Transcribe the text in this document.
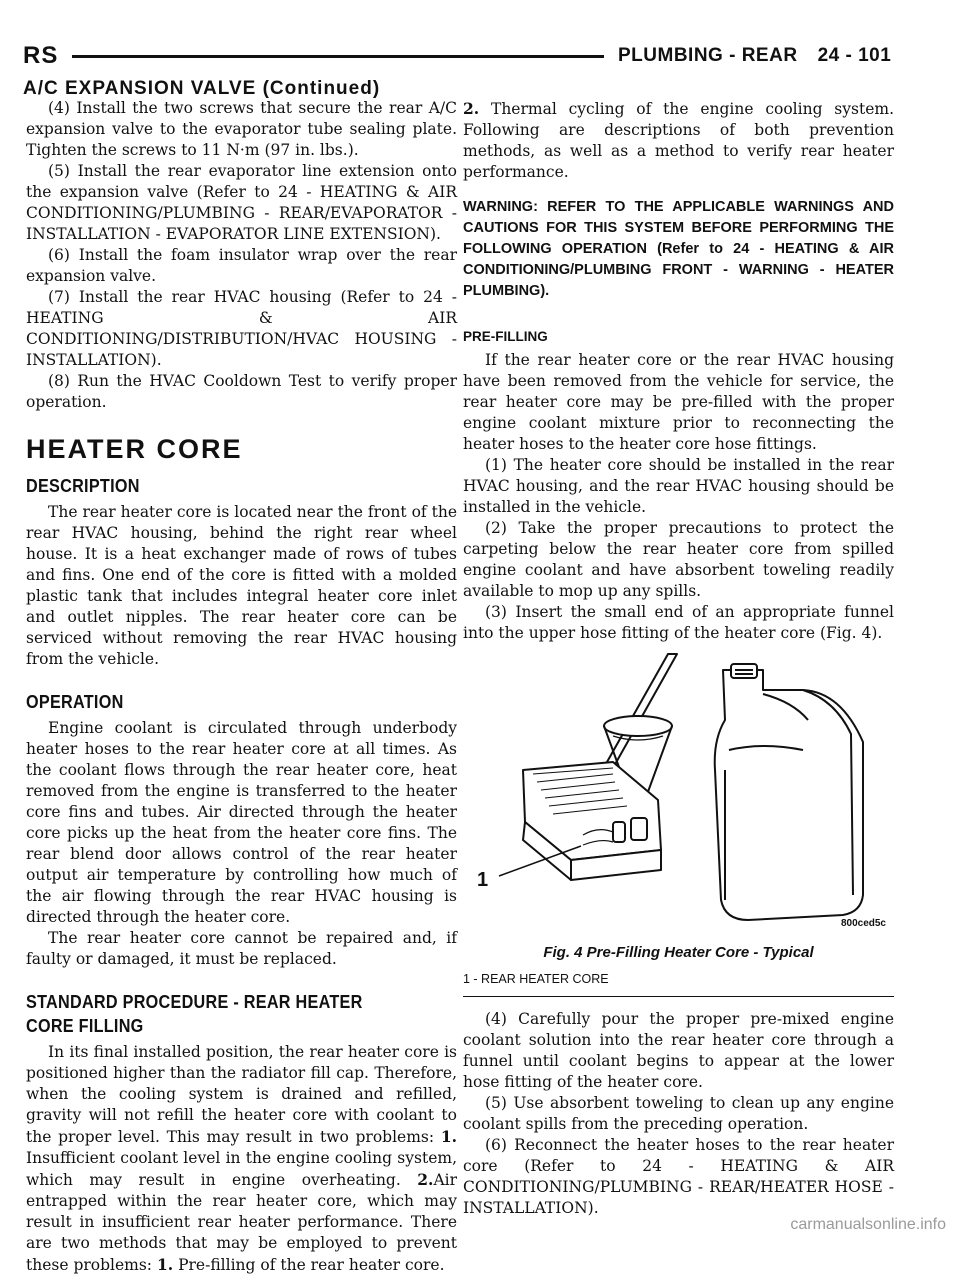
RS	PLUMBING - REAR 24 - 101
A/C EXPANSION VALVE (Continued)

(4) Install the two screws that secure the rear A/C expansion valve to the evaporator tube sealing plate. Tighten the screws to 11 N·m (97 in. lbs.).

(5) Install the rear evaporator line extension onto the expansion valve (Refer to 24 - HEATING & AIR CONDITIONING/PLUMBING - REAR/EVAPORATOR - INSTALLATION - EVAPORATOR LINE EXTENSION).

(6) Install the foam insulator wrap over the rear expansion valve.

(7) Install the rear HVAC housing (Refer to 24 - HEATING & AIR CONDITIONING/DISTRIBUTION/HVAC HOUSING - INSTALLATION).

(8) Run the HVAC Cooldown Test to verify proper operation.

HEATER CORE
DESCRIPTION

The rear heater core is located near the front of the rear HVAC housing, behind the right rear wheel house. It is a heat exchanger made of rows of tubes and fins. One end of the core is fitted with a molded plastic tank that includes integral heater core inlet and outlet nipples. The rear heater core can be serviced without removing the rear HVAC housing from the vehicle.

OPERATION

Engine coolant is circulated through underbody heater hoses to the rear heater core at all times. As the coolant flows through the rear heater core, heat removed from the engine is transferred to the heater core fins and tubes. Air directed through the heater core picks up the heat from the heater core fins. The rear blend door allows control of the rear heater output air temperature by controlling how much of the air flowing through the rear HVAC housing is directed through the heater core.

The rear heater core cannot be repaired and, if faulty or damaged, it must be replaced.

STANDARD PROCEDURE - REAR HEATER
CORE FILLING

In its final installed position, the rear heater core is positioned higher than the radiator fill cap. Therefore, when the cooling system is drained and refilled, gravity will not refill the heater core with coolant to the proper level. This may result in two problems: 1. Insufficient coolant level in the engine cooling system, which may result in engine overheating. 2.Air entrapped within the rear heater core, which may result in insufficient rear heater performance. There are two methods that may be employed to prevent these problems: 1. Pre-filling of the rear heater core.

2. Thermal cycling of the engine cooling system. Following are descriptions of both prevention methods, as well as a method to verify rear heater performance.

WARNING: REFER TO THE APPLICABLE WARNINGS AND CAUTIONS FOR THIS SYSTEM BEFORE PERFORMING THE FOLLOWING OPERATION (Refer to 24 - HEATING & AIR CONDITIONING/PLUMBING FRONT - WARNING - HEATER PLUMBING).

PRE-FILLING

If the rear heater core or the rear HVAC housing have been removed from the vehicle for service, the rear heater core may be pre-filled with the proper engine coolant mixture prior to reconnecting the heater hoses to the heater core hose fittings.

(1) The heater core should be installed in the rear HVAC housing, and the rear HVAC housing should be installed in the vehicle.

(2) Take the proper precautions to protect the carpeting below the rear heater core from spilled engine coolant and have absorbent toweling readily available to mop up any spills.

(3) Insert the small end of an appropriate funnel into the upper hose fitting of the heater core (Fig. 4).

1
800ced5c
Fig. 4 Pre-Filling Heater Core - Typical
1 - REAR HEATER CORE

(4) Carefully pour the proper pre-mixed engine coolant solution into the rear heater core through a funnel until coolant begins to appear at the lower hose fitting of the heater core.

(5) Use absorbent toweling to clean up any engine coolant spills from the preceding operation.

(6) Reconnect the heater hoses to the rear heater core (Refer to 24 - HEATING & AIR CONDITIONING/PLUMBING - REAR/HEATER HOSE - INSTALLATION).

carmanualsonline.info
